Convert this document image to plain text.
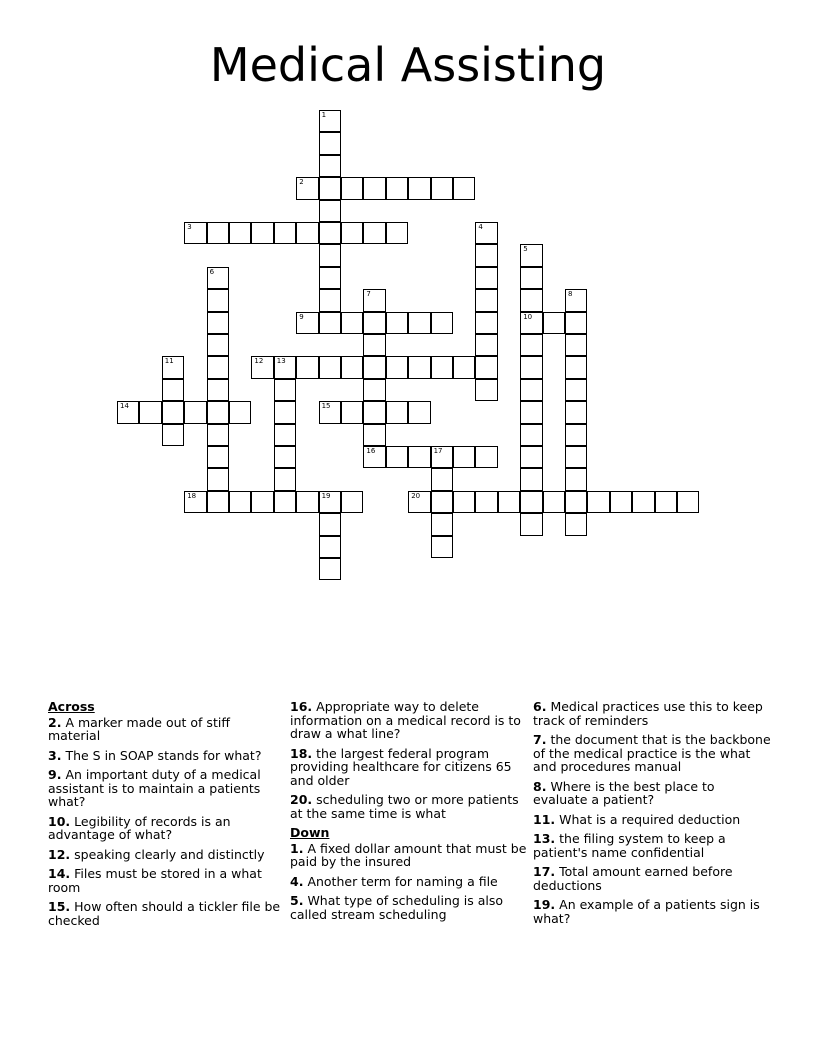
Medical Assisting
1
2
3	4
5
10
6
7	8
9
11	12 13
14	15
16	17
18	19	20
Across
2. A marker made out of stiff material
3. The S in SOAP stands for what?
9. An important duty of a medical assistant is to maintain a patients what?
10. Legibility of records is an advantage of what?
12. speaking clearly and distinctly
14. Files must be stored in a what room
15. How often should a tickler file be checked
16. Appropriate way to delete information on a medical record is to draw a what line?
18. the largest federal program providing healthcare for citizens 65 and older
20. scheduling two or more patients at the same time is what
Down
1. A fixed dollar amount that must be paid by the insured
4. Another term for naming a file
5. What type of scheduling is also called stream scheduling
6. Medical practices use this to keep track of reminders
7. the document that is the backbone of the medical practice is the what and procedures manual
8. Where is the best place to evaluate a patient?
11. What is a required deduction
13. the filing system to keep a patient's name confidential
17. Total amount earned before deductions
19. An example of a patients sign is what?
